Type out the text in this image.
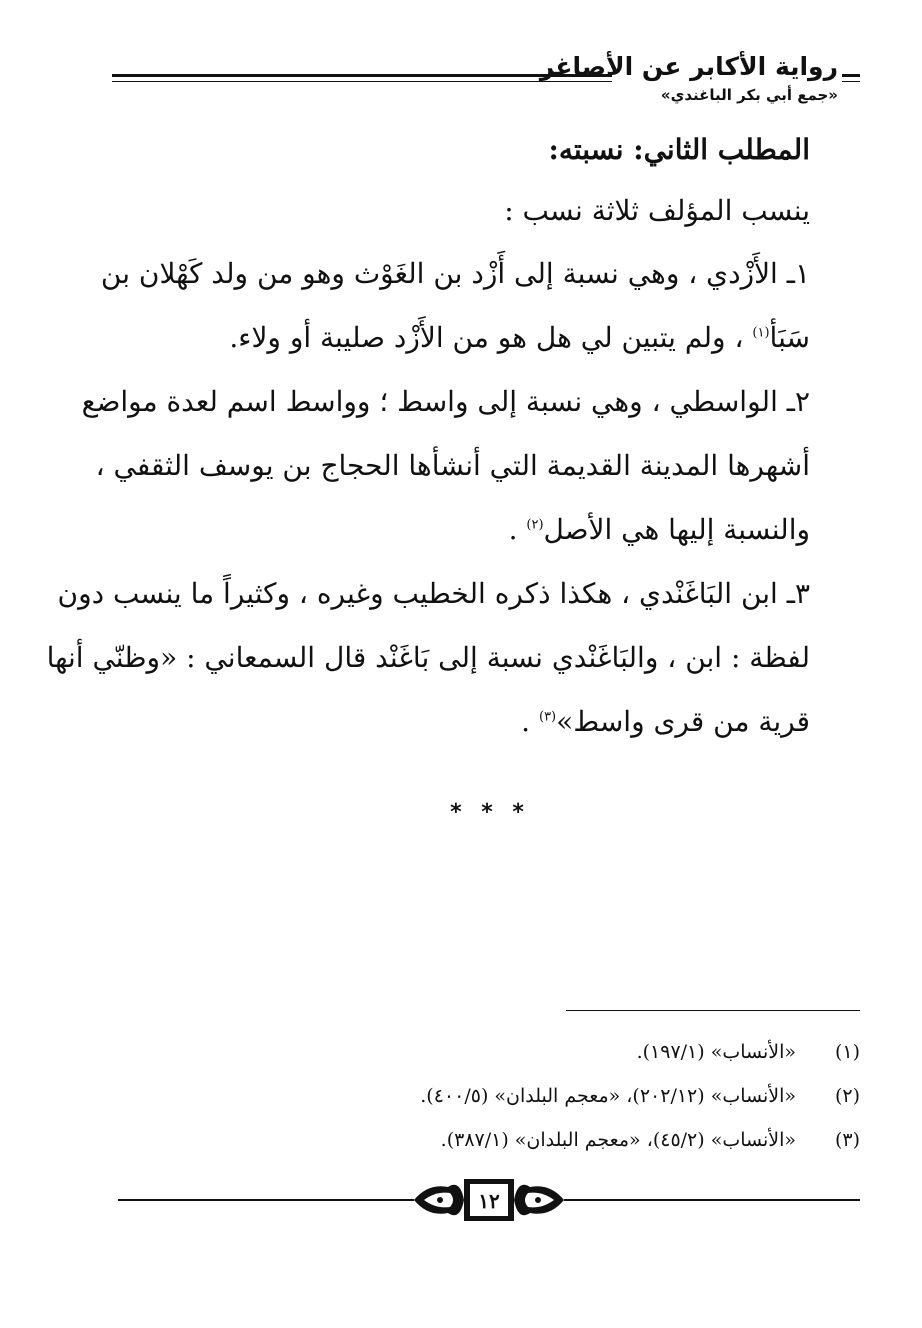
رواية الأكابر عن الأصاغر
«جمع أبي بكر الباغندي»

المطلب الثاني: نسبته:

ينسب المؤلف ثلاثة نسب :

١ـ الأَزْدي ، وهي نسبة إلى أَزْد بن الغَوْث وهو من ولد كَهْلان بن
سَبَأ$^{(١)}$ ، ولم يتبين لي هل هو من الأَزْد صليبة أو ولاء.
٢ـ الواسطي ، وهي نسبة إلى واسط ؛ وواسط اسم لعدة مواضع
أشهرها المدينة القديمة التي أنشأها الحجاج بن يوسف الثقفي ،
والنسبة إليها هي الأصل$^{(٢)}$ .
٣ـ ابن البَاغَنْدي ، هكذا ذكره الخطيب وغيره ، وكثيراً ما ينسب دون
لفظة : ابن ، والبَاغَنْدي نسبة إلى بَاغَنْد قال السمعاني : «وظنّي أنها
قرية من قرى واسط»$^{(٣)}$ .
* * *

(١)«الأنساب» (١٩٧/١).

(٢)«الأنساب» (٢٠٢/١٢)، «معجم البلدان» (٤٠٠/٥).

(٣)«الأنساب» (٤٥/٢)، «معجم البلدان» (٣٨٧/١).

١٢
